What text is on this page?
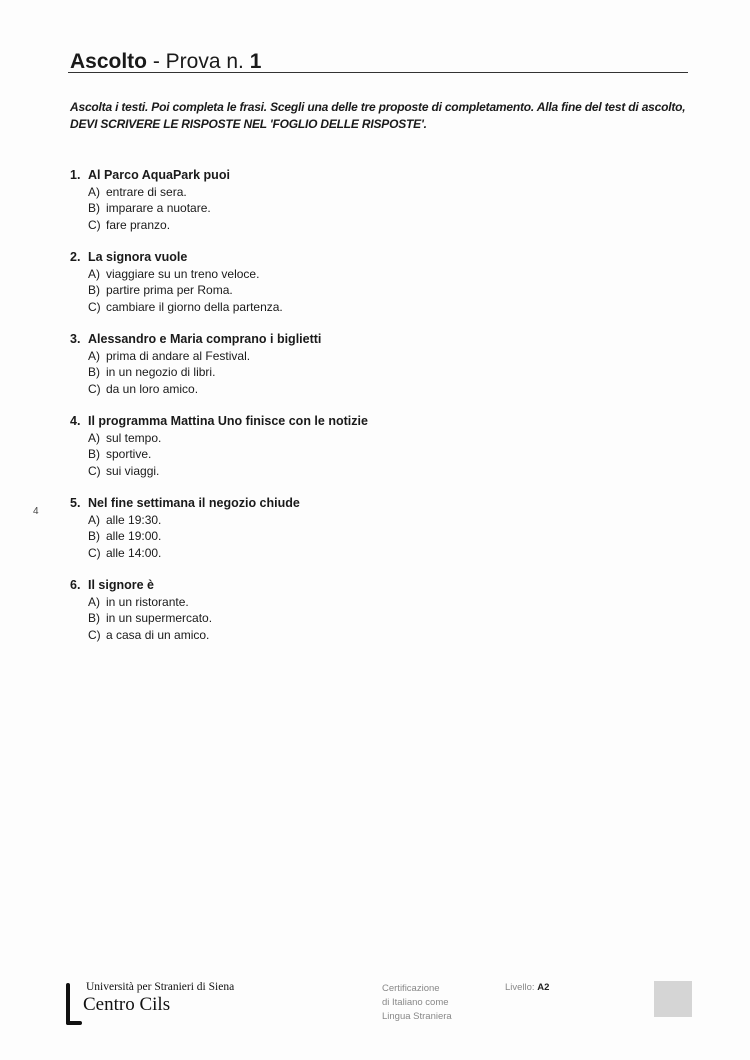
Ascolto - Prova n. 1

Ascolta i testi. Poi completa le frasi. Scegli una delle tre proposte di completamento. Alla fine del test di ascolto,

DEVI SCRIVERE LE RISPOSTE NEL 'FOGLIO DELLE RISPOSTE'.

1. Al Parco AquaPark puoi
A) entrare di sera.
B) imparare a nuotare.
C) fare pranzo.
2. La signora vuole
A) viaggiare su un treno veloce.
B) partire prima per Roma.
C) cambiare il giorno della partenza.
3. Alessandro e Maria comprano i biglietti
A) prima di andare al Festival.
B) in un negozio di libri.
C) da un loro amico.
4. Il programma Mattina Uno finisce con le notizie
A) sul tempo.
B) sportive.
C) sui viaggi.
5. Nel fine settimana il negozio chiude
A) alle 19:30.
B) alle 19:00.
C) alle 14:00.
6. Il signore è
A) in un ristorante.
B) in un supermercato.
C) a casa di un amico.
4
Università per Stranieri di Siena
Centro Cils
Certificazione
di Italiano come
Lingua Straniera
Livello: A2
